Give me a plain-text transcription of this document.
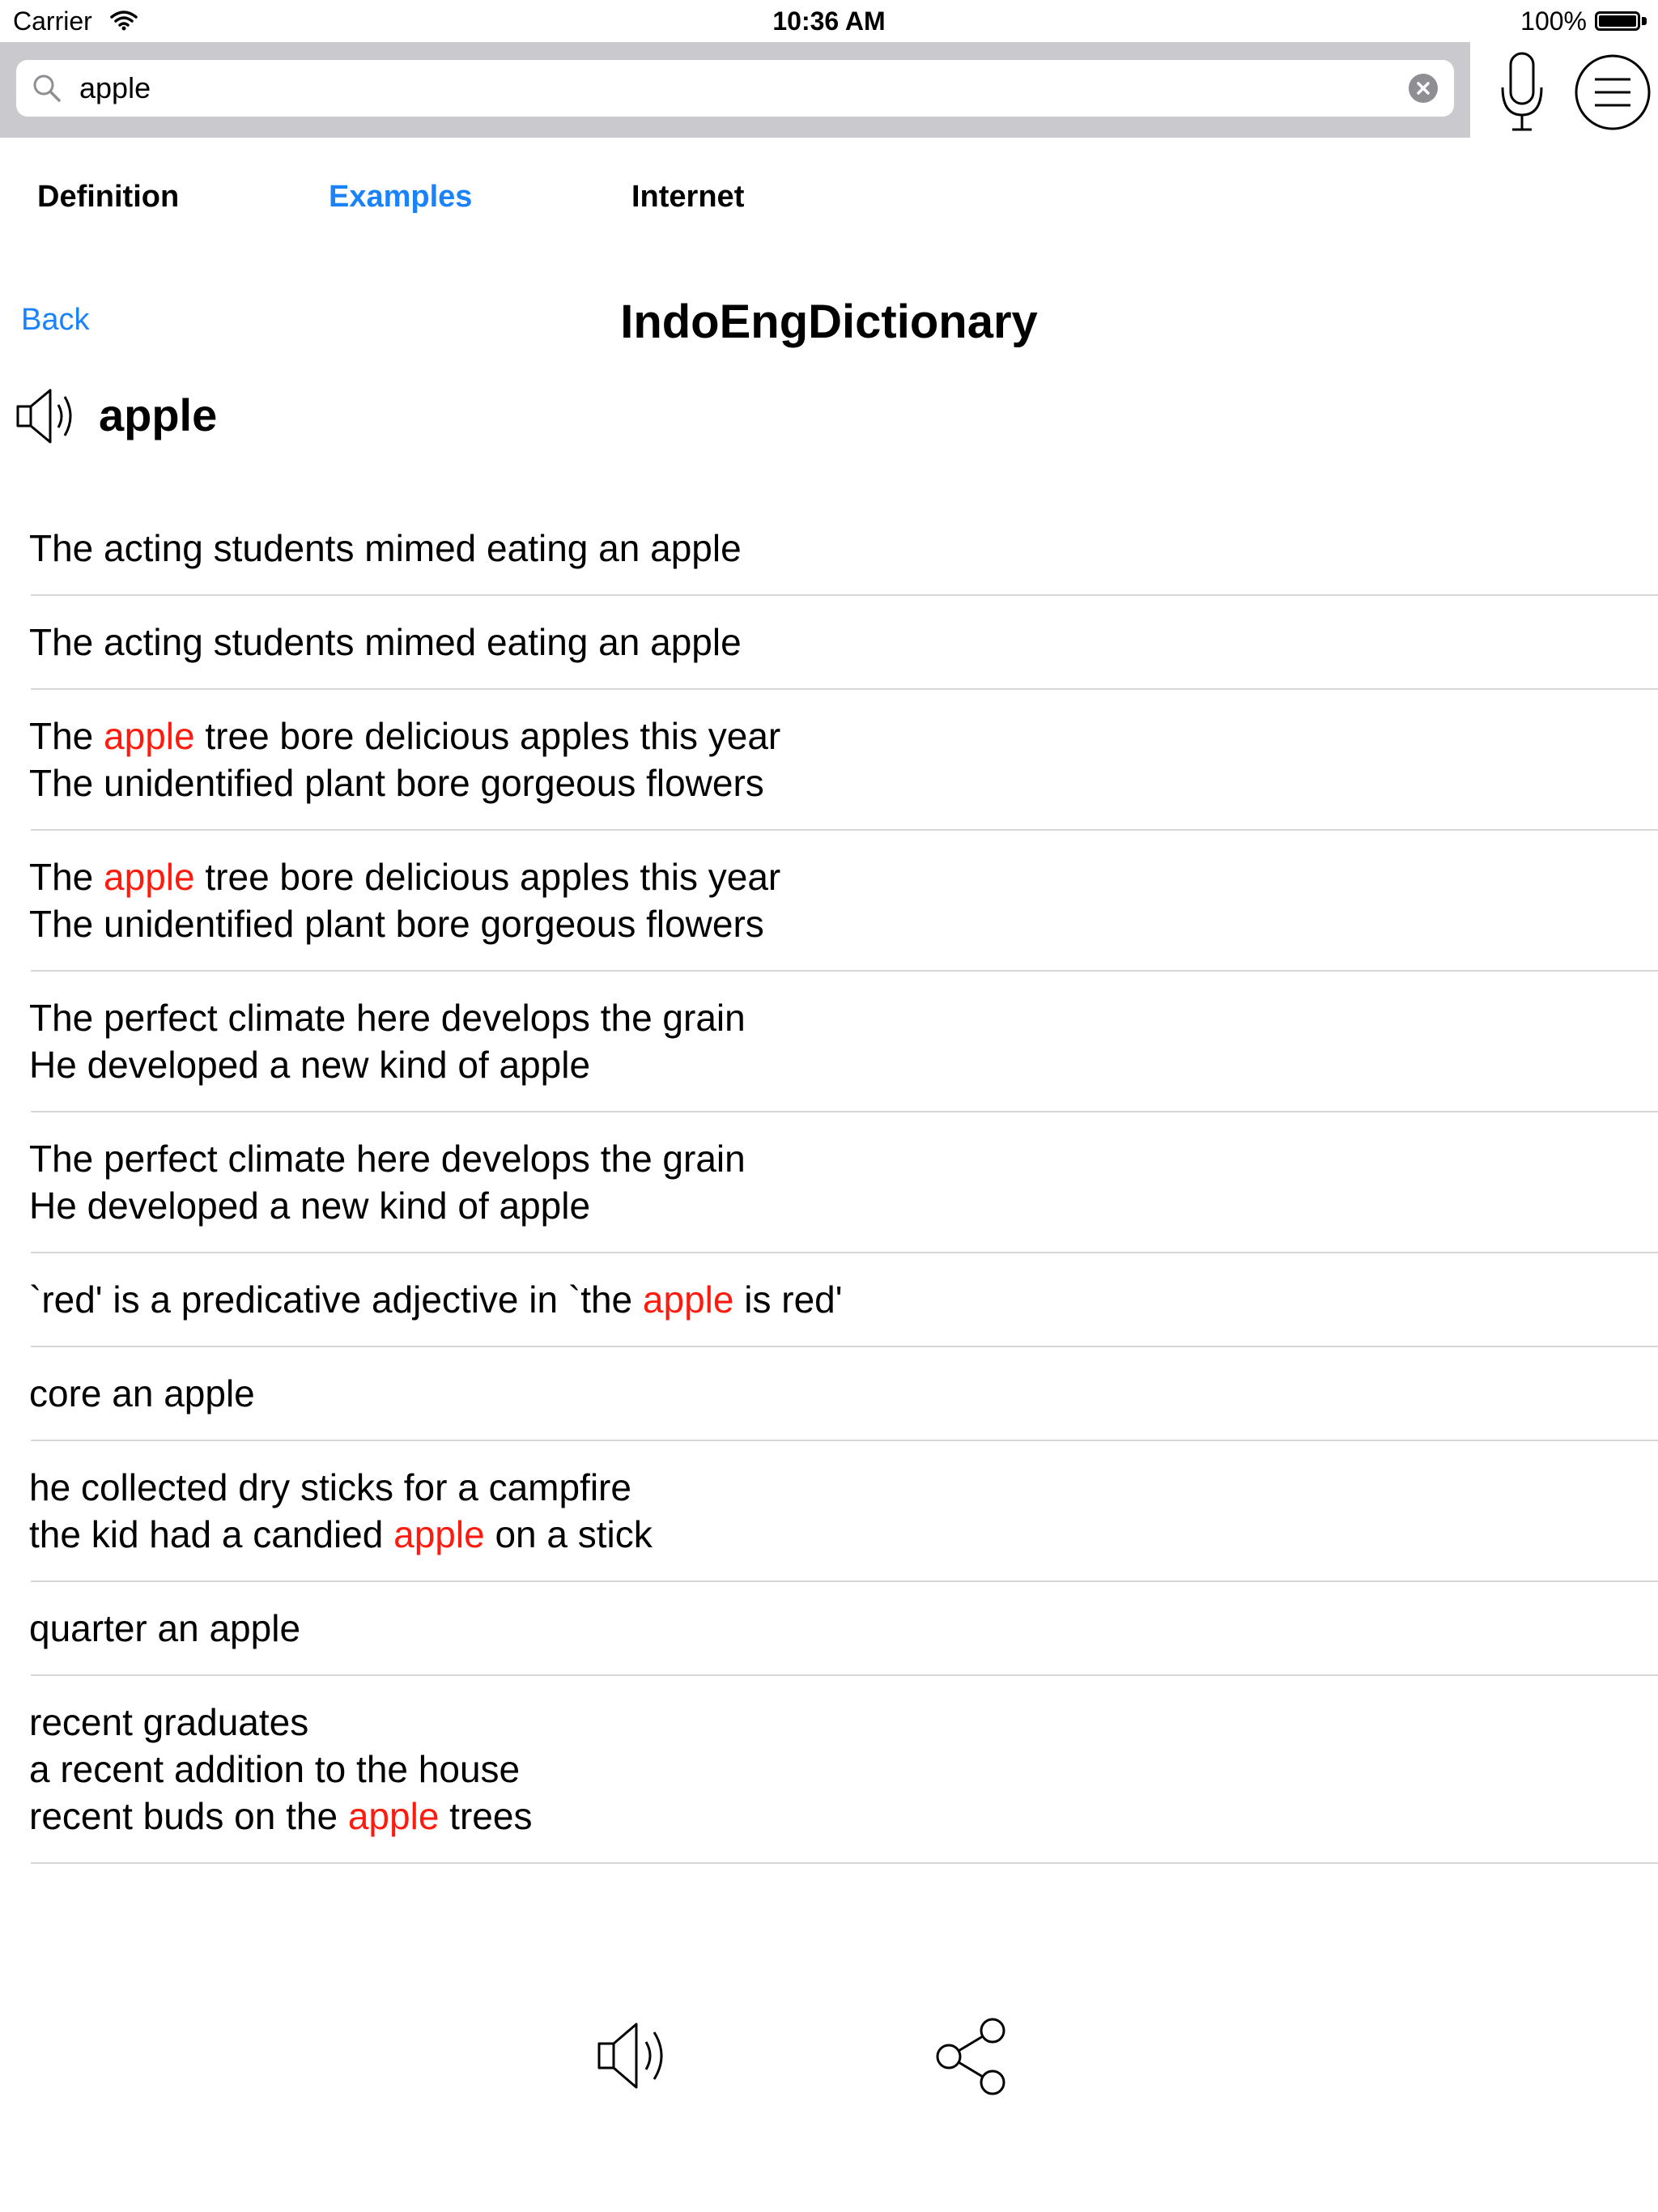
Carrier	10:36 AM	100%
apple
Definition	Examples	Internet
Back	IndoEngDictionary
apple
The acting students mimed eating an apple
The acting students mimed eating an apple
The apple tree bore delicious apples this year
The unidentified plant bore gorgeous flowers
The apple tree bore delicious apples this year
The unidentified plant bore gorgeous flowers
The perfect climate here develops the grain
He developed a new kind of apple
The perfect climate here develops the grain
He developed a new kind of apple
`red' is a predicative adjective in `the apple is red'
core an apple
he collected dry sticks for a campfire
the kid had a candied apple on a stick
quarter an apple
recent graduates
a recent addition to the house
recent buds on the apple trees
